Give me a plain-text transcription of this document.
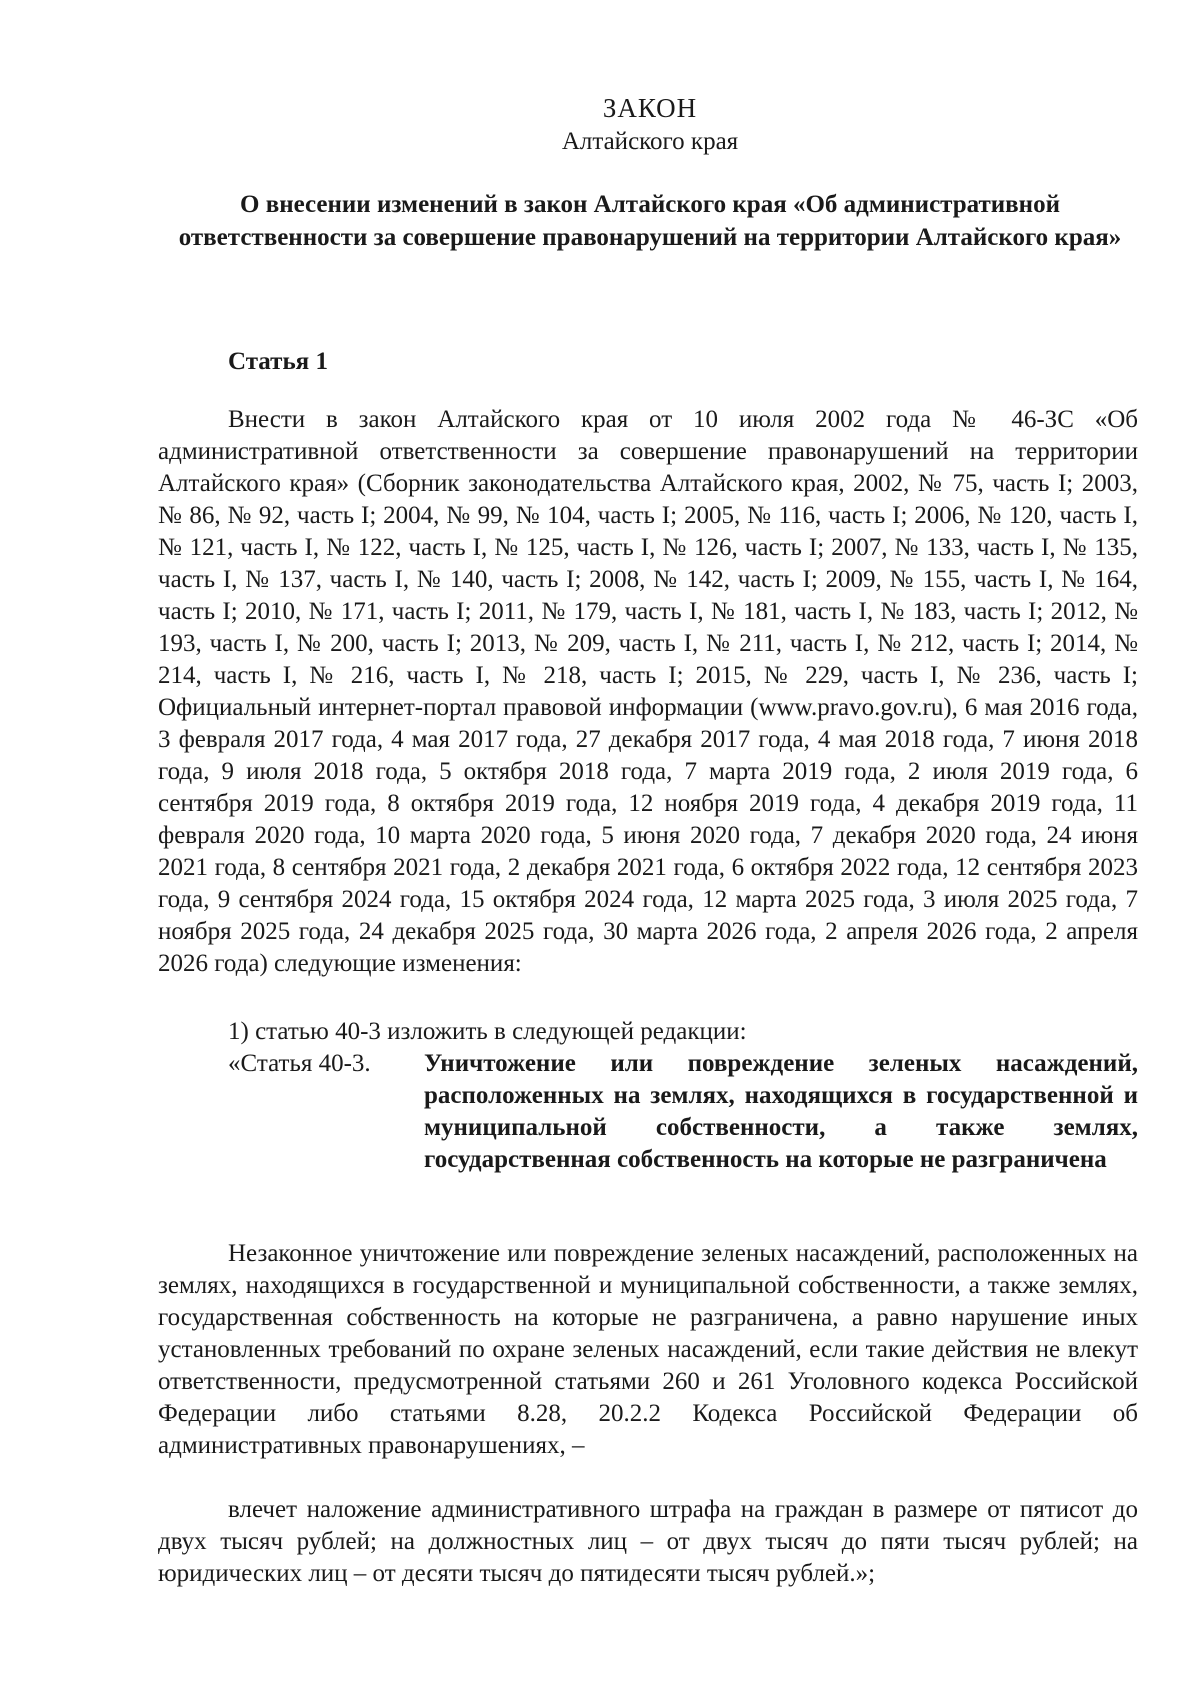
ЗАКОН
Алтайского края
О внесении изменений в закон Алтайского края «Об административной ответственности за совершение правонарушений на территории Алтайского края»
Статья 1
Внести в закон Алтайского края от 10 июля 2002 года № 46-ЗС «Об административной ответственности за совершение правонарушений на территории Алтайского края» (Сборник законодательства Алтайского края, 2002, № 75, часть I; 2003, № 86, № 92, часть I; 2004, № 99, № 104, часть I; 2005, № 116, часть I; 2006, № 120, часть I, № 121, часть I, № 122, часть I, № 125, часть I, № 126, часть I; 2007, № 133, часть I, № 135, часть I, № 137, часть I, № 140, часть I; 2008, № 142, часть I; 2009, № 155, часть I, № 164, часть I; 2010, № 171, часть I; 2011, № 179, часть I, № 181, часть I, № 183, часть I; 2012, № 193, часть I, № 200, часть I; 2013, № 209, часть I, № 211, часть I, № 212, часть I; 2014, № 214, часть I, № 216, часть I, № 218, часть I; 2015, № 229, часть I, № 236, часть I; Официальный интернет-портал правовой информации (www.pravo.gov.ru), 6 мая 2016 года, 3 февраля 2017 года, 4 мая 2017 года, 27 декабря 2017 года, 4 мая 2018 года, 7 июня 2018 года, 9 июля 2018 года, 5 октября 2018 года, 7 марта 2019 года, 2 июля 2019 года, 6 сентября 2019 года, 8 октября 2019 года, 12 ноября 2019 года, 4 декабря 2019 года, 11 февраля 2020 года, 10 марта 2020 года, 5 июня 2020 года, 7 декабря 2020 года, 24 июня 2021 года, 8 сентября 2021 года, 2 декабря 2021 года, 6 октября 2022 года, 12 сентября 2023 года, 9 сентября 2024 года, 15 октября 2024 года, 12 марта 2025 года, 3 июля 2025 года, 7 ноября 2025 года, 24 декабря 2025 года, 30 марта 2026 года, 2 апреля 2026 года, 2 апреля 2026 года) следующие изменения:
1) статью 40-3 изложить в следующей редакции:
«Статья 40-3. Уничтожение или повреждение зеленых насаждений, расположенных на землях, находящихся в государственной и муниципальной собственности, а также землях, государственная собственность на которые не разграничена
Незаконное уничтожение или повреждение зеленых насаждений, расположенных на землях, находящихся в государственной и муниципальной собственности, а также землях, государственная собственность на которые не разграничена, а равно нарушение иных установленных требований по охране зеленых насаждений, если такие действия не влекут ответственности, предусмотренной статьями 260 и 261 Уголовного кодекса Российской Федерации либо статьями 8.28, 20.2.2 Кодекса Российской Федерации об административных правонарушениях, –
влечет наложение административного штрафа на граждан в размере от пятисот до двух тысяч рублей; на должностных лиц – от двух тысяч до пяти тысяч рублей; на юридических лиц – от десяти тысяч до пятидесяти тысяч рублей.»;
